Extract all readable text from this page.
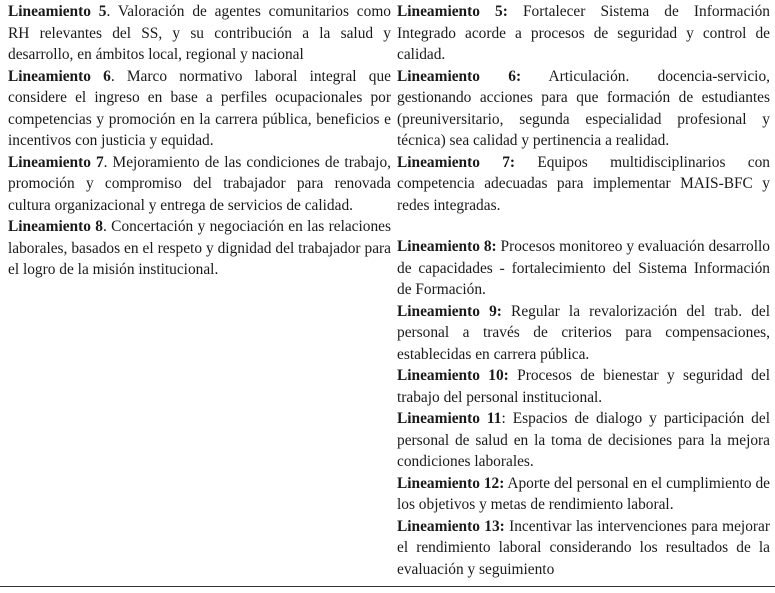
Lineamiento 5. Valoración de agentes comunitarios como RH relevantes del SS, y su contribución a la salud y desarrollo, en ámbitos local, regional y nacional

Lineamiento 6. Marco normativo laboral integral que considere el ingreso en base a perfiles ocupacionales por competencias y promoción en la carrera pública, beneficios e incentivos con justicia y equidad.

Lineamiento 7. Mejoramiento de las condiciones de trabajo, promoción y compromiso del trabajador para renovada cultura organizacional y entrega de servicios de calidad.

Lineamiento 8. Concertación y negociación en las relaciones laborales, basados en el respeto y dignidad del trabajador para el logro de la misión institucional.

Lineamiento 5: Fortalecer Sistema de Información Integrado acorde a procesos de seguridad y control de calidad.

Lineamiento 6: Articulación. docencia-servicio, gestionando acciones para que formación de estudiantes (preuniversitario, segunda especialidad profesional y técnica) sea calidad y pertinencia a realidad.

Lineamiento 7: Equipos multidisciplinarios con competencia adecuadas para implementar MAIS-BFC y redes integradas.

Lineamiento 8: Procesos monitoreo y evaluación desarrollo de capacidades - fortalecimiento del Sistema Información de Formación.

Lineamiento 9: Regular la revalorización del trab. del personal a través de criterios para compensaciones, establecidas en carrera pública.

Lineamiento 10: Procesos de bienestar y seguridad del trabajo del personal institucional.

Lineamiento 11: Espacios de dialogo y participación del personal de salud en la toma de decisiones para la mejora condiciones laborales.

Lineamiento 12: Aporte del personal en el cumplimiento de los objetivos y metas de rendimiento laboral.

Lineamiento 13: Incentivar las intervenciones para mejorar el rendimiento laboral considerando los resultados de la evaluación y seguimiento
